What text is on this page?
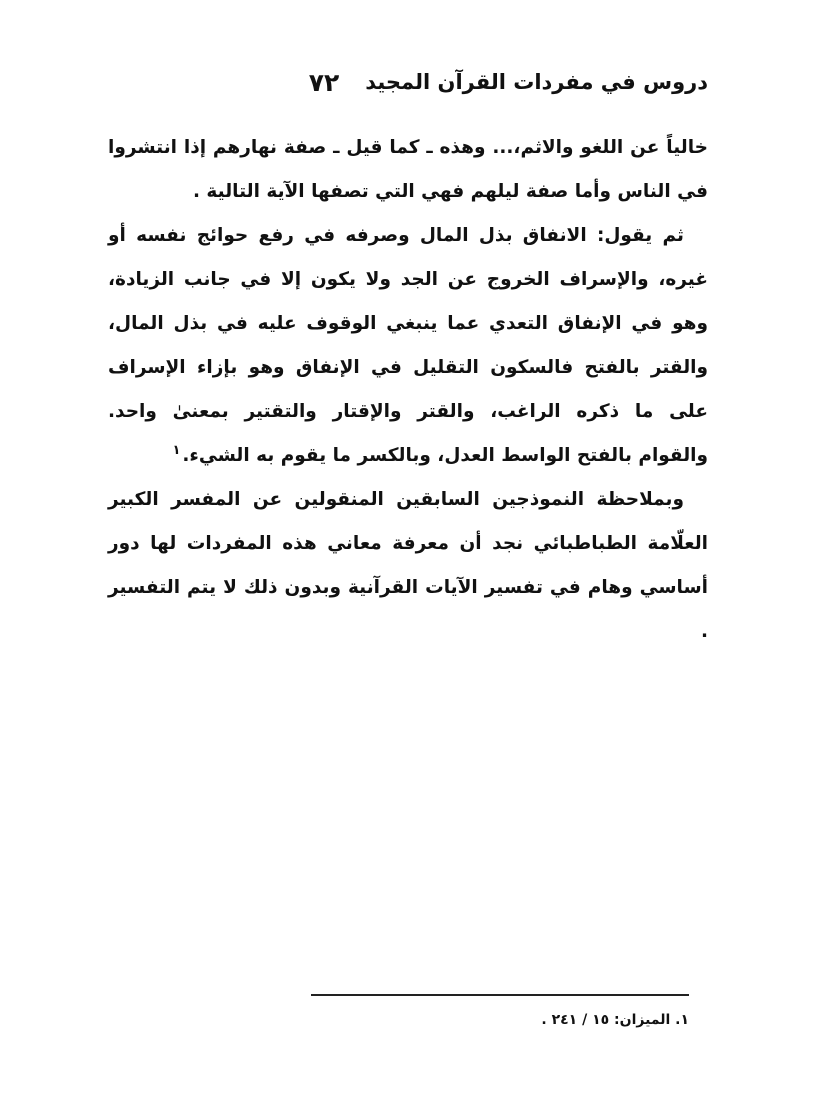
دروس في مفردات القرآن المجيد
٧٢

خالياً عن اللغو والاثم،... وهذه ـ كما قيل ـ صفة نهارهم إذا انتشروا في الناس وأما صفة ليلهم فهي التي تصفها الآية التالية .

ثم يقول: الانفاق بذل المال وصرفه في رفع حوائج نفسه أو غيره، والإسراف الخروج عن الجد ولا يكون إلا في جانب الزيادة، وهو في الإنفاق التعدي عما ينبغي الوقوف عليه في بذل المال، والقتر بالفتح فالسكون التقليل في الإنفاق وهو بإزاء الإسراف على ما ذكره الراغب، والقتر والإقتار والتقتير بمعنىٰ واحد. والقوام بالفتح الواسط العدل، وبالكسر ما يقوم به الشيء.$^١$

وبملاحظة النموذجين السابقين المنقولين عن المفسر الكبير العلّامة الطباطبائي نجد أن معرفة معاني هذه المفردات لها دور أساسي وهام في تفسير الآيات القرآنية وبدون ذلك لا يتم التفسير .

١. الميزان: ١٥ / ٢٤١ .
